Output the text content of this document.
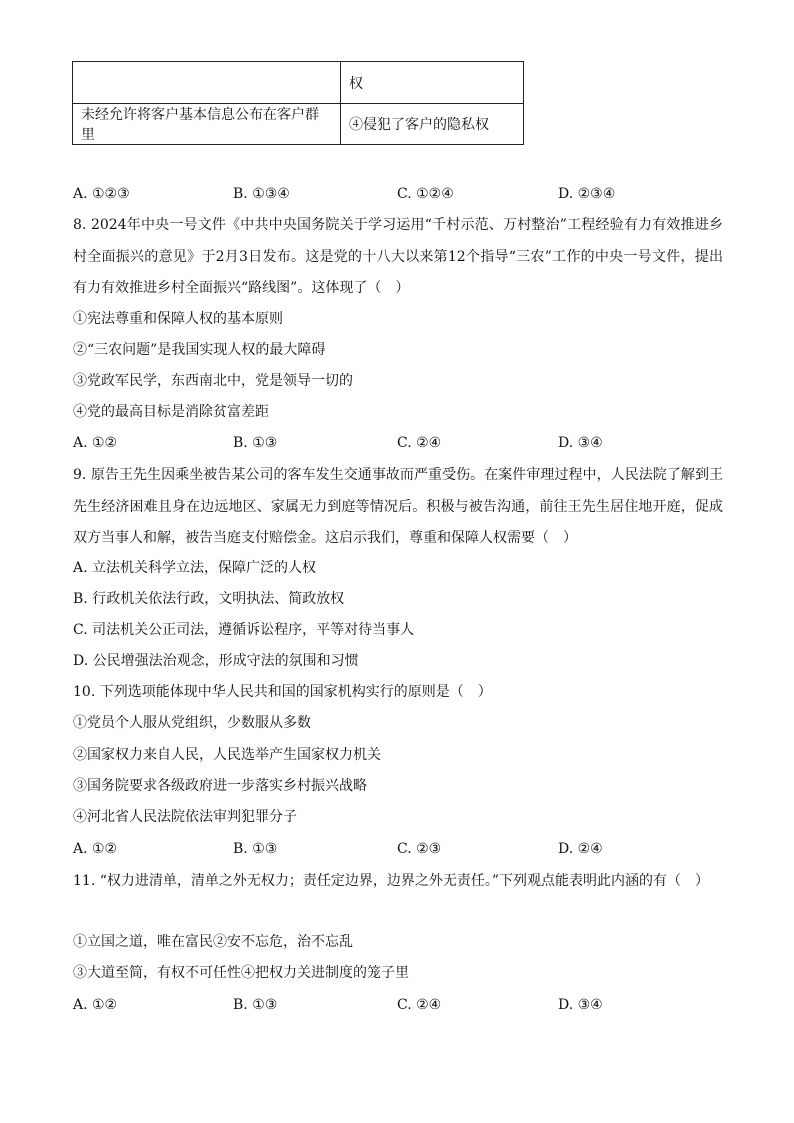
	权
未经允许将客户基本信息公布在客户群里	④侵犯了客户的隐私权
A. ①②③	B. ①③④	C. ①②④	D. ②③④
8. 2024年中央一号文件《中共中央国务院关于学习运用“千村示范、万村整治”工程经验有力有效推进乡村全面振兴的意见》于2月3日发布。这是党的十八大以来第12个指导“三农”工作的中央一号文件，提出有力有效推进乡村全面振兴“路线图”。这体现了（　）
①宪法尊重和保障人权的基本原则
②“三农问题”是我国实现人权的最大障碍
③党政军民学，东西南北中，党是领导一切的
④党的最高目标是消除贫富差距
A. ①②	B. ①③	C. ②④	D. ③④
9. 原告王先生因乘坐被告某公司的客车发生交通事故而严重受伤。在案件审理过程中，人民法院了解到王先生经济困难且身在边远地区、家属无力到庭等情况后。积极与被告沟通，前往王先生居住地开庭，促成双方当事人和解，被告当庭支付赔偿金。这启示我们，尊重和保障人权需要（　）
A. 立法机关科学立法，保障广泛的人权
B. 行政机关依法行政，文明执法、简政放权
C. 司法机关公正司法，遵循诉讼程序，平等对待当事人
D. 公民增强法治观念，形成守法的氛围和习惯
10. 下列选项能体现中华人民共和国的国家机构实行的原则是（　）
①党员个人服从党组织，少数服从多数
②国家权力来自人民，人民选举产生国家权力机关
③国务院要求各级政府进一步落实乡村振兴战略
④河北省人民法院依法审判犯罪分子
A. ①②	B. ①③	C. ②③	D. ②④
11. “权力进清单，清单之外无权力；责任定边界，边界之外无责任。”下列观点能表明此内涵的有（　）
①立国之道，唯在富民②安不忘危，治不忘乱
③大道至简，有权不可任性④把权力关进制度的笼子里
A. ①②	B. ①③	C. ②④	D. ③④
